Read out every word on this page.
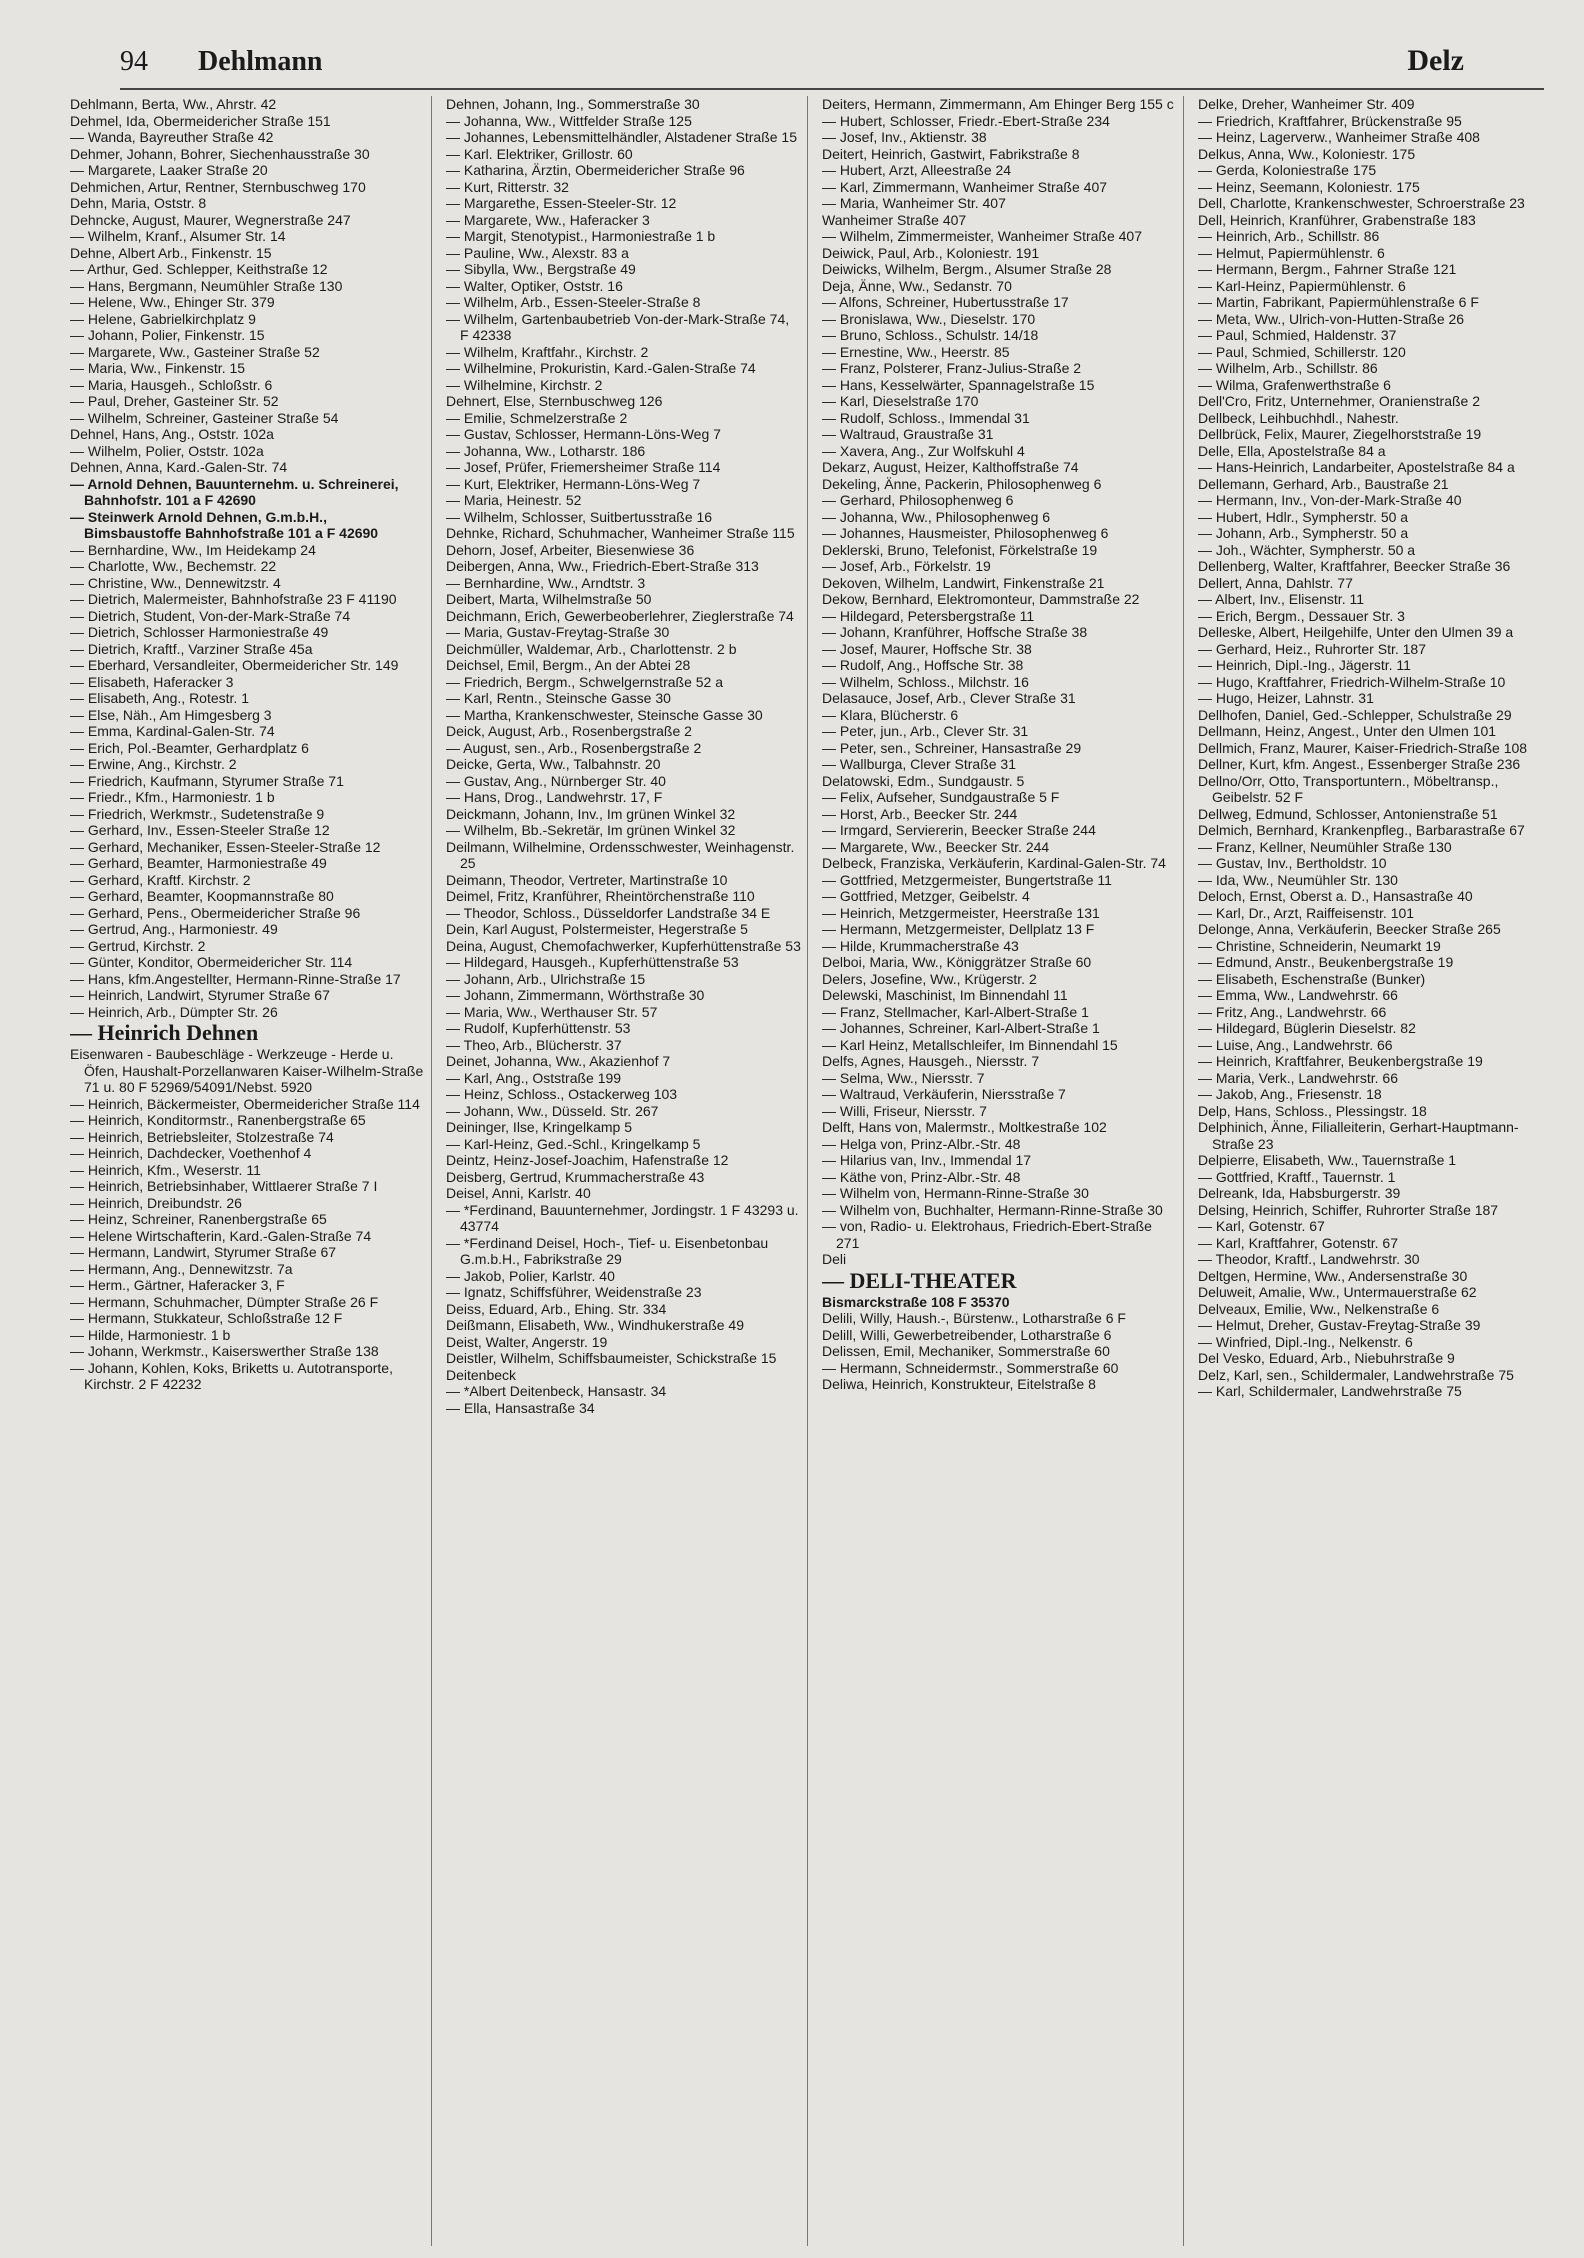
94 Dehlmann	Delz

Dehlmann, Berta, Ww., Ahrstr. 42

Dehmel, Ida, Obermeidericher Straße 151

— Wanda, Bayreuther Straße 42

Dehmer, Johann, Bohrer, Siechenhausstraße 30

— Margarete, Laaker Straße 20

Dehmichen, Artur, Rentner, Sternbuschweg 170

Dehn, Maria, Oststr. 8

Dehncke, August, Maurer, Wegnerstraße 247

— Wilhelm, Kranf., Alsumer Str. 14

Dehne, Albert Arb., Finkenstr. 15

— Arthur, Ged. Schlepper, Keithstraße 12

— Hans, Bergmann, Neumühler Straße 130

— Helene, Ww., Ehinger Str. 379

— Helene, Gabrielkirchplatz 9

— Johann, Polier, Finkenstr. 15

— Margarete, Ww., Gasteiner Straße 52

— Maria, Ww., Finkenstr. 15

— Maria, Hausgeh., Schloßstr. 6

— Paul, Dreher, Gasteiner Str. 52

— Wilhelm, Schreiner, Gasteiner Straße 54

Dehnel, Hans, Ang., Oststr. 102a

— Wilhelm, Polier, Oststr. 102a

Dehnen, Anna, Kard.-Galen-Str. 74

— Arnold Dehnen, Bauunternehm. u. Schreinerei, Bahnhofstr. 101 a F 42690

— Steinwerk Arnold Dehnen, G.m.b.H., Bimsbaustoffe Bahnhofstraße 101 a F 42690

— Bernhardine, Ww., Im Heidekamp 24

— Charlotte, Ww., Bechemstr. 22

— Christine, Ww., Dennewitzstr. 4

— Dietrich, Malermeister, Bahnhofstraße 23 F 41190

— Dietrich, Student, Von-der-Mark-Straße 74

— Dietrich, Schlosser Harmoniestraße 49

— Dietrich, Kraftf., Varziner Straße 45a

— Eberhard, Versandleiter, Obermeidericher Str. 149

— Elisabeth, Haferacker 3

— Elisabeth, Ang., Rotestr. 1

— Else, Näh., Am Himgesberg 3

— Emma, Kardinal-Galen-Str. 74

— Erich, Pol.-Beamter, Gerhardplatz 6

— Erwine, Ang., Kirchstr. 2

— Friedrich, Kaufmann, Styrumer Straße 71

— Friedr., Kfm., Harmoniestr. 1 b

— Friedrich, Werkmstr., Sudetenstraße 9

— Gerhard, Inv., Essen-Steeler Straße 12

— Gerhard, Mechaniker, Essen-Steeler-Straße 12

— Gerhard, Beamter, Harmoniestraße 49

— Gerhard, Kraftf. Kirchstr. 2

— Gerhard, Beamter, Koopmannstraße 80

— Gerhard, Pens., Obermeidericher Straße 96

— Gertrud, Ang., Harmoniestr. 49

— Gertrud, Kirchstr. 2

— Günter, Konditor, Obermeidericher Str. 114

— Hans, kfm.Angestellter, Hermann-Rinne-Straße 17

— Heinrich, Landwirt, Styrumer Straße 67

— Heinrich, Arb., Dümpter Str. 26

— Heinrich Dehnen

Eisenwaren - Baubeschläge - Werkzeuge - Herde u. Öfen, Haushalt-Porzellanwaren Kaiser-Wilhelm-Straße 71 u. 80 F 52969/54091/Nebst. 5920

— Heinrich, Bäckermeister, Obermeidericher Straße 114

— Heinrich, Konditormstr., Ranenbergstraße 65

— Heinrich, Betriebsleiter, Stolzestraße 74

— Heinrich, Dachdecker, Voethenhof 4

— Heinrich, Kfm., Weserstr. 11

— Heinrich, Betriebsinhaber, Wittlaerer Straße 7 I

— Heinrich, Dreibundstr. 26

— Heinz, Schreiner, Ranenbergstraße 65

— Helene Wirtschafterin, Kard.-Galen-Straße 74

— Hermann, Landwirt, Styrumer Straße 67

— Hermann, Ang., Dennewitzstr. 7a

— Herm., Gärtner, Haferacker 3, F

— Hermann, Schuhmacher, Dümpter Straße 26 F

— Hermann, Stukkateur, Schloßstraße 12 F

— Hilde, Harmoniestr. 1 b

— Johann, Werkmstr., Kaiserswerther Straße 138

— Johann, Kohlen, Koks, Briketts u. Autotransporte, Kirchstr. 2 F 42232

Dehnen, Johann, Ing., Sommerstraße 30

— Johanna, Ww., Wittfelder Straße 125

— Johannes, Lebensmittelhändler, Alstadener Straße 15

— Karl. Elektriker, Grillostr. 60

— Katharina, Ärztin, Obermeidericher Straße 96

— Kurt, Ritterstr. 32

— Margarethe, Essen-Steeler-Str. 12

— Margarete, Ww., Haferacker 3

— Margit, Stenotypist., Harmoniestraße 1 b

— Pauline, Ww., Alexstr. 83 a

— Sibylla, Ww., Bergstraße 49

— Walter, Optiker, Oststr. 16

— Wilhelm, Arb., Essen-Steeler-Straße 8

— Wilhelm, Gartenbaubetrieb Von-der-Mark-Straße 74, F 42338

— Wilhelm, Kraftfahr., Kirchstr. 2

— Wilhelmine, Prokuristin, Kard.-Galen-Straße 74

— Wilhelmine, Kirchstr. 2

Dehnert, Else, Sternbuschweg 126

— Emilie, Schmelzerstraße 2

— Gustav, Schlosser, Hermann-Löns-Weg 7

— Johanna, Ww., Lotharstr. 186

— Josef, Prüfer, Friemersheimer Straße 114

— Kurt, Elektriker, Hermann-Löns-Weg 7

— Maria, Heinestr. 52

— Wilhelm, Schlosser, Suitbertusstraße 16

Dehnke, Richard, Schuhmacher, Wanheimer Straße 115

Dehorn, Josef, Arbeiter, Biesenwiese 36

Deibergen, Anna, Ww., Friedrich-Ebert-Straße 313

— Bernhardine, Ww., Arndtstr. 3

Deibert, Marta, Wilhelmstraße 50

Deichmann, Erich, Gewerbeoberlehrer, Zieglerstraße 74

— Maria, Gustav-Freytag-Straße 30

Deichmüller, Waldemar, Arb., Charlottenstr. 2 b

Deichsel, Emil, Bergm., An der Abtei 28

— Friedrich, Bergm., Schwelgernstraße 52 a

— Karl, Rentn., Steinsche Gasse 30

— Martha, Krankenschwester, Steinsche Gasse 30

Deick, August, Arb., Rosenbergstraße 2

— August, sen., Arb., Rosenbergstraße 2

Deicke, Gerta, Ww., Talbahnstr. 20

— Gustav, Ang., Nürnberger Str. 40

— Hans, Drog., Landwehrstr. 17, F

Deickmann, Johann, Inv., Im grünen Winkel 32

— Wilhelm, Bb.-Sekretär, Im grünen Winkel 32

Deilmann, Wilhelmine, Ordensschwester, Weinhagenstr. 25

Deimann, Theodor, Vertreter, Martinstraße 10

Deimel, Fritz, Kranführer, Rheintörchenstraße 110

— Theodor, Schloss., Düsseldorfer Landstraße 34 E

Dein, Karl August, Polstermeister, Hegerstraße 5

Deina, August, Chemofachwerker, Kupferhüttenstraße 53

— Hildegard, Hausgeh., Kupferhüttenstraße 53

— Johann, Arb., Ulrichstraße 15

— Johann, Zimmermann, Wörthstraße 30

— Maria, Ww., Werthauser Str. 57

— Rudolf, Kupferhüttenstr. 53

— Theo, Arb., Blücherstr. 37

Deinet, Johanna, Ww., Akazienhof 7

— Karl, Ang., Oststraße 199

— Heinz, Schloss., Ostackerweg 103

— Johann, Ww., Düsseld. Str. 267

Deininger, Ilse, Kringelkamp 5

— Karl-Heinz, Ged.-Schl., Kringelkamp 5

Deintz, Heinz-Josef-Joachim, Hafenstraße 12

Deisberg, Gertrud, Krummacherstraße 43

Deisel, Anni, Karlstr. 40

— *Ferdinand, Bauunternehmer, Jordingstr. 1 F 43293 u. 43774

— *Ferdinand Deisel, Hoch-, Tief- u. Eisenbetonbau G.m.b.H., Fabrikstraße 29

— Jakob, Polier, Karlstr. 40

— Ignatz, Schiffsführer, Weidenstraße 23

Deiss, Eduard, Arb., Ehing. Str. 334

Deißmann, Elisabeth, Ww., Windhukerstraße 49

Deist, Walter, Angerstr. 19

Deistler, Wilhelm, Schiffsbaumeister, Schickstraße 15

Deitenbeck

— *Albert Deitenbeck, Hansastr. 34

— Ella, Hansastraße 34

Deiters, Hermann, Zimmermann, Am Ehinger Berg 155 c

— Hubert, Schlosser, Friedr.-Ebert-Straße 234

— Josef, Inv., Aktienstr. 38

Deitert, Heinrich, Gastwirt, Fabrikstraße 8

— Hubert, Arzt, Alleestraße 24

— Karl, Zimmermann, Wanheimer Straße 407

— Maria, Wanheimer Str. 407

Wanheimer Straße 407

— Wilhelm, Zimmermeister, Wanheimer Straße 407

Deiwick, Paul, Arb., Koloniestr. 191

Deiwicks, Wilhelm, Bergm., Alsumer Straße 28

Deja, Änne, Ww., Sedanstr. 70

— Alfons, Schreiner, Hubertusstraße 17

— Bronislawa, Ww., Dieselstr. 170

— Bruno, Schloss., Schulstr. 14/18

— Ernestine, Ww., Heerstr. 85

— Franz, Polsterer, Franz-Julius-Straße 2

— Hans, Kesselwärter, Spannagelstraße 15

— Karl, Dieselstraße 170

— Rudolf, Schloss., Immendal 31

— Waltraud, Graustraße 31

— Xavera, Ang., Zur Wolfskuhl 4

Dekarz, August, Heizer, Kalthoffstraße 74

Dekeling, Änne, Packerin, Philosophenweg 6

— Gerhard, Philosophenweg 6

— Johanna, Ww., Philosophenweg 6

— Johannes, Hausmeister, Philosophenweg 6

Deklerski, Bruno, Telefonist, Förkelstraße 19

— Josef, Arb., Förkelstr. 19

Dekoven, Wilhelm, Landwirt, Finkenstraße 21

Dekow, Bernhard, Elektromonteur, Dammstraße 22

— Hildegard, Petersbergstraße 11

— Johann, Kranführer, Hoffsche Straße 38

— Josef, Maurer, Hoffsche Str. 38

— Rudolf, Ang., Hoffsche Str. 38

— Wilhelm, Schloss., Milchstr. 16

Delasauce, Josef, Arb., Clever Straße 31

— Klara, Blücherstr. 6

— Peter, jun., Arb., Clever Str. 31

— Peter, sen., Schreiner, Hansastraße 29

— Wallburga, Clever Straße 31

Delatowski, Edm., Sundgaustr. 5

— Felix, Aufseher, Sundgaustraße 5 F

— Horst, Arb., Beecker Str. 244

— Irmgard, Serviererin, Beecker Straße 244

— Margarete, Ww., Beecker Str. 244

Delbeck, Franziska, Verkäuferin, Kardinal-Galen-Str. 74

— Gottfried, Metzgermeister, Bungertstraße 11

— Gottfried, Metzger, Geibelstr. 4

— Heinrich, Metzgermeister, Heerstraße 131

— Hermann, Metzgermeister, Dellplatz 13 F

— Hilde, Krummacherstraße 43

Delboi, Maria, Ww., Königgrätzer Straße 60

Delers, Josefine, Ww., Krügerstr. 2

Delewski, Maschinist, Im Binnendahl 11

— Franz, Stellmacher, Karl-Albert-Straße 1

— Johannes, Schreiner, Karl-Albert-Straße 1

— Karl Heinz, Metallschleifer, Im Binnendahl 15

Delfs, Agnes, Hausgeh., Niersstr. 7

— Selma, Ww., Niersstr. 7

— Waltraud, Verkäuferin, Niersstraße 7

— Willi, Friseur, Niersstr. 7

Delft, Hans von, Malermstr., Moltkestraße 102

— Helga von, Prinz-Albr.-Str. 48

— Hilarius van, Inv., Immendal 17

— Käthe von, Prinz-Albr.-Str. 48

— Wilhelm von, Hermann-Rinne-Straße 30

— Wilhelm von, Buchhalter, Hermann-Rinne-Straße 30

— von, Radio- u. Elektrohaus, Friedrich-Ebert-Straße 271

Deli

— DELI-THEATER

Bismarckstraße 108 F 35370

Delili, Willy, Haush.-, Bürstenw., Lotharstraße 6 F

Delill, Willi, Gewerbetreibender, Lotharstraße 6

Delissen, Emil, Mechaniker, Sommerstraße 60

— Hermann, Schneidermstr., Sommerstraße 60

Deliwa, Heinrich, Konstrukteur, Eitelstraße 8

Delke, Dreher, Wanheimer Str. 409

— Friedrich, Kraftfahrer, Brückenstraße 95

— Heinz, Lagerverw., Wanheimer Straße 408

Delkus, Anna, Ww., Koloniestr. 175

— Gerda, Koloniestraße 175

— Heinz, Seemann, Koloniestr. 175

Dell, Charlotte, Krankenschwester, Schroerstraße 23

Dell, Heinrich, Kranführer, Grabenstraße 183

— Heinrich, Arb., Schillstr. 86

— Helmut, Papiermühlenstr. 6

— Hermann, Bergm., Fahrner Straße 121

— Karl-Heinz, Papiermühlenstr. 6

— Martin, Fabrikant, Papiermühlenstraße 6 F

— Meta, Ww., Ulrich-von-Hutten-Straße 26

— Paul, Schmied, Haldenstr. 37

— Paul, Schmied, Schillerstr. 120

— Wilhelm, Arb., Schillstr. 86

— Wilma, Grafenwerthstraße 6

Dell'Cro, Fritz, Unternehmer, Oranienstraße 2

Dellbeck, Leihbuchhdl., Nahestr.

Dellbrück, Felix, Maurer, Ziegelhorststraße 19

Delle, Ella, Apostelstraße 84 a

— Hans-Heinrich, Landarbeiter, Apostelstraße 84 a

Dellemann, Gerhard, Arb., Baustraße 21

— Hermann, Inv., Von-der-Mark-Straße 40

— Hubert, Hdlr., Sympherstr. 50 a

— Johann, Arb., Sympherstr. 50 a

— Joh., Wächter, Sympherstr. 50 a

Dellenberg, Walter, Kraftfahrer, Beecker Straße 36

Dellert, Anna, Dahlstr. 77

— Albert, Inv., Elisenstr. 11

— Erich, Bergm., Dessauer Str. 3

Delleske, Albert, Heilgehilfe, Unter den Ulmen 39 a

— Gerhard, Heiz., Ruhrorter Str. 187

— Heinrich, Dipl.-Ing., Jägerstr. 11

— Hugo, Kraftfahrer, Friedrich-Wilhelm-Straße 10

— Hugo, Heizer, Lahnstr. 31

Dellhofen, Daniel, Ged.-Schlepper, Schulstraße 29

Dellmann, Heinz, Angest., Unter den Ulmen 101

Dellmich, Franz, Maurer, Kaiser-Friedrich-Straße 108

Dellner, Kurt, kfm. Angest., Essenberger Straße 236

Dellno/Orr, Otto, Transportuntern., Möbeltransp., Geibelstr. 52 F

Dellweg, Edmund, Schlosser, Antonienstraße 51

Delmich, Bernhard, Krankenpfleg., Barbarastraße 67

— Franz, Kellner, Neumühler Straße 130

— Gustav, Inv., Bertholdstr. 10

— Ida, Ww., Neumühler Str. 130

Deloch, Ernst, Oberst a. D., Hansastraße 40

— Karl, Dr., Arzt, Raiffeisenstr. 101

Delonge, Anna, Verkäuferin, Beecker Straße 265

— Christine, Schneiderin, Neumarkt 19

— Edmund, Anstr., Beukenbergstraße 19

— Elisabeth, Eschenstraße (Bunker)

— Emma, Ww., Landwehrstr. 66

— Fritz, Ang., Landwehrstr. 66

— Hildegard, Büglerin Dieselstr. 82

— Luise, Ang., Landwehrstr. 66

— Heinrich, Kraftfahrer, Beukenbergstraße 19

— Maria, Verk., Landwehrstr. 66

— Jakob, Ang., Friesenstr. 18

Delp, Hans, Schloss., Plessingstr. 18

Delphinich, Änne, Filialleiterin, Gerhart-Hauptmann-Straße 23

Delpierre, Elisabeth, Ww., Tauernstraße 1

— Gottfried, Kraftf., Tauernstr. 1

Delreank, Ida, Habsburgerstr. 39

Delsing, Heinrich, Schiffer, Ruhrorter Straße 187

— Karl, Gotenstr. 67

— Karl, Kraftfahrer, Gotenstr. 67

— Theodor, Kraftf., Landwehrstr. 30

Deltgen, Hermine, Ww., Andersenstraße 30

Deluweit, Amalie, Ww., Untermauerstraße 62

Delveaux, Emilie, Ww., Nelkenstraße 6

— Helmut, Dreher, Gustav-Freytag-Straße 39

— Winfried, Dipl.-Ing., Nelkenstr. 6

Del Vesko, Eduard, Arb., Niebuhrstraße 9

Delz, Karl, sen., Schildermaler, Landwehrstraße 75

— Karl, Schildermaler, Landwehrstraße 75
